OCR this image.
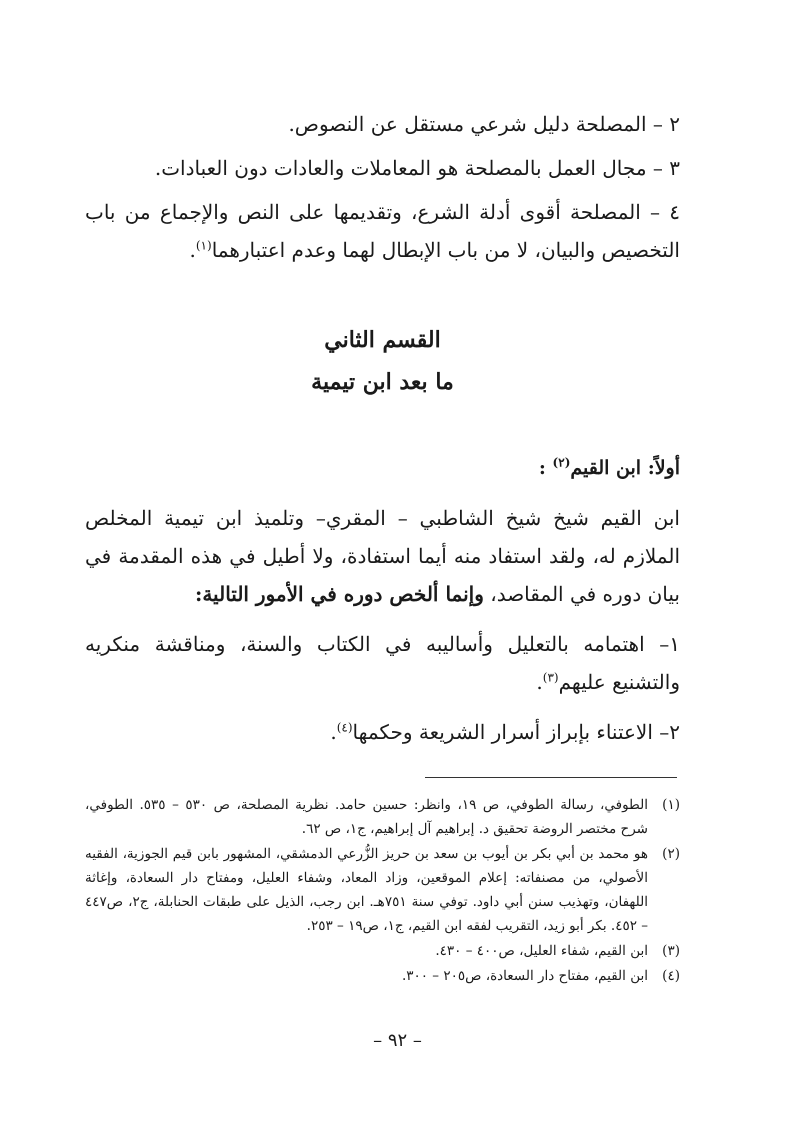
٢ – المصلحة دليل شرعي مستقل عن النصوص.

٣ – مجال العمل بالمصلحة هو المعاملات والعادات دون العبادات.

٤ – المصلحة أقوى أدلة الشرع، وتقديمها على النص والإجماع من باب التخصيص والبيان، لا من باب الإبطال لهما وعدم اعتبارهما$^{(١)}$.

القسم الثاني

ما بعد ابن تيمية

أولاً: ابن القيم$^{(٢)}$ :

ابن القيم شيخ شيخ الشاطبي – المقري– وتلميذ ابن تيمية المخلص الملازم له، ولقد استفاد منه أيما استفادة، ولا أطيل في هذه المقدمة في بيان دوره في المقاصد، وإنما ألخص دوره في الأمور التالية:

١– اهتمامه بالتعليل وأساليبه في الكتاب والسنة، ومناقشة منكريه والتشنيع عليهم$^{(٣)}$.

٢– الاعتناء بإبراز أسرار الشريعة وحكمها$^{(٤)}$.

(١)
الطوفي، رسالة الطوفي، ص ١٩، وانظر: حسين حامد. نظرية المصلحة، ص ٥٣٠ – ٥٣٥. الطوفي، شرح مختصر الروضة تحقيق د. إبراهيم آل إبراهيم، ج١، ص ٦٢.
(٢)
هو محمد بن أبي بكر بن أيوب بن سعد بن حريز الزُّرعي الدمشقي، المشهور بابن قيم الجوزية، الفقيه الأصولي، من مصنفاته: إعلام الموقعين، وزاد المعاد، وشفاء العليل، ومفتاح دار السعادة، وإغاثة اللهفان، وتهذيب سنن أبي داود. توفي سنة ٧٥١هـ. ابن رجب، الذيل على طبقات الحنابلة، ج٢، ص٤٤٧ – ٤٥٢. بكر أبو زيد، التقريب لفقه ابن القيم، ج١، ص١٩ – ٢٥٣.
(٣)
ابن القيم، شفاء العليل، ص٤٠٠ – ٤٣٠.
(٤)
ابن القيم، مفتاح دار السعادة، ص٢٠٥ – ٣٠٠.
– ٩٢ –
